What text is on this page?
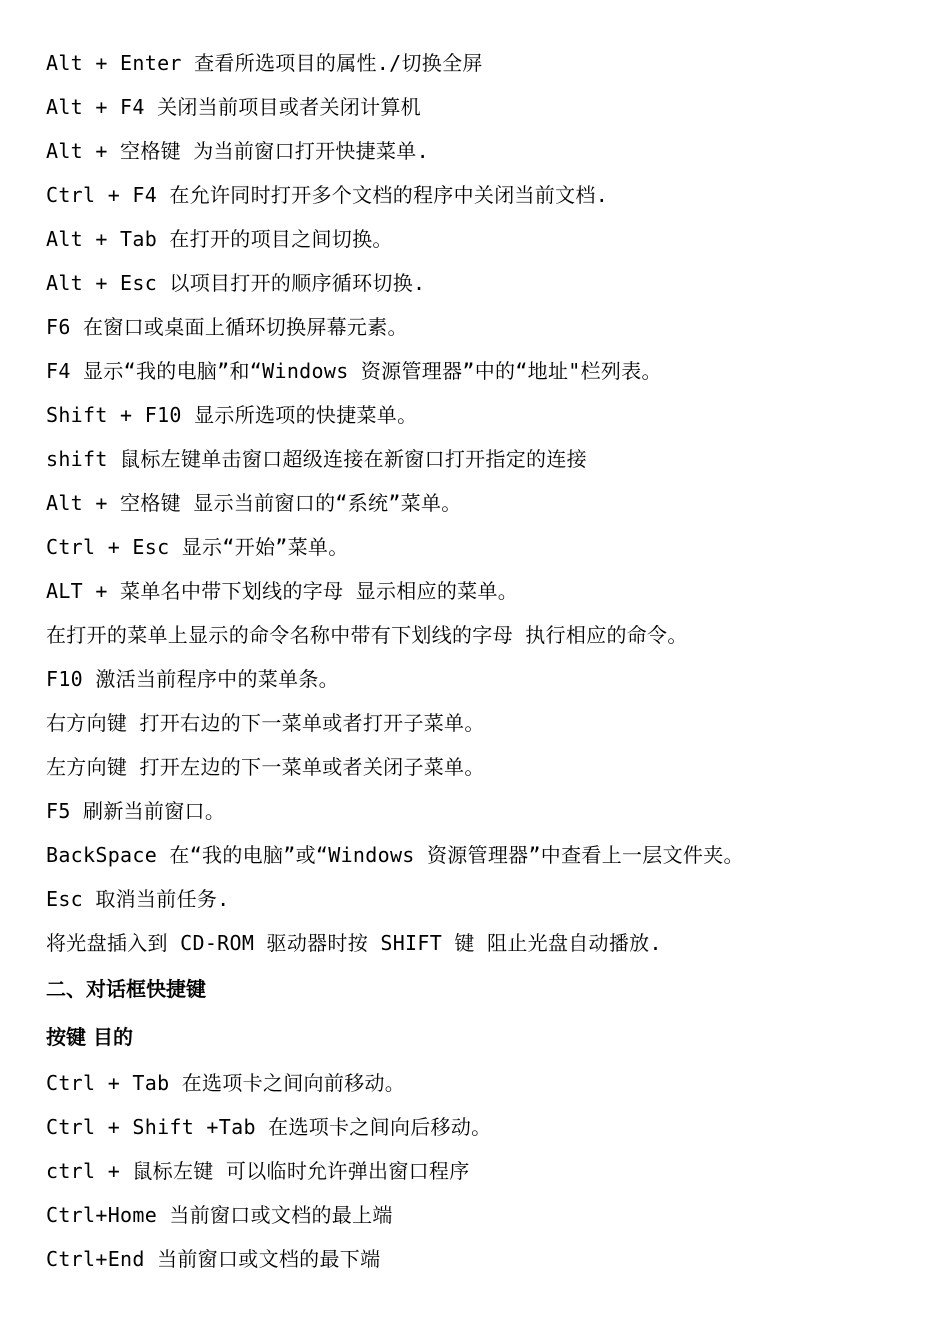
Alt + Enter 查看所选项目的属性./切换全屏
Alt + F4 关闭当前项目或者关闭计算机
Alt + 空格键 为当前窗口打开快捷菜单.
Ctrl + F4 在允许同时打开多个文档的程序中关闭当前文档.
Alt + Tab 在打开的项目之间切换。
Alt + Esc 以项目打开的顺序循环切换.
F6 在窗口或桌面上循环切换屏幕元素。
F4 显示“我的电脑”和“Windows 资源管理器”中的“地址"栏列表。
Shift + F10 显示所选项的快捷菜单。
shift 鼠标左键单击窗口超级连接在新窗口打开指定的连接
Alt + 空格键 显示当前窗口的“系统”菜单。
Ctrl + Esc 显示“开始”菜单。
ALT + 菜单名中带下划线的字母 显示相应的菜单。
在打开的菜单上显示的命令名称中带有下划线的字母 执行相应的命令。
F10 激活当前程序中的菜单条。
右方向键 打开右边的下一菜单或者打开子菜单。
左方向键 打开左边的下一菜单或者关闭子菜单。
F5 刷新当前窗口。
BackSpace 在“我的电脑”或“Windows 资源管理器”中查看上一层文件夹。
Esc 取消当前任务.
将光盘插入到 CD-ROM 驱动器时按 SHIFT 键 阻止光盘自动播放.
二、对话框快捷键
按键 目的
Ctrl + Tab 在选项卡之间向前移动。
Ctrl + Shift +Tab 在选项卡之间向后移动。
ctrl + 鼠标左键 可以临时允许弹出窗口程序
Ctrl+Home 当前窗口或文档的最上端
Ctrl+End 当前窗口或文档的最下端
